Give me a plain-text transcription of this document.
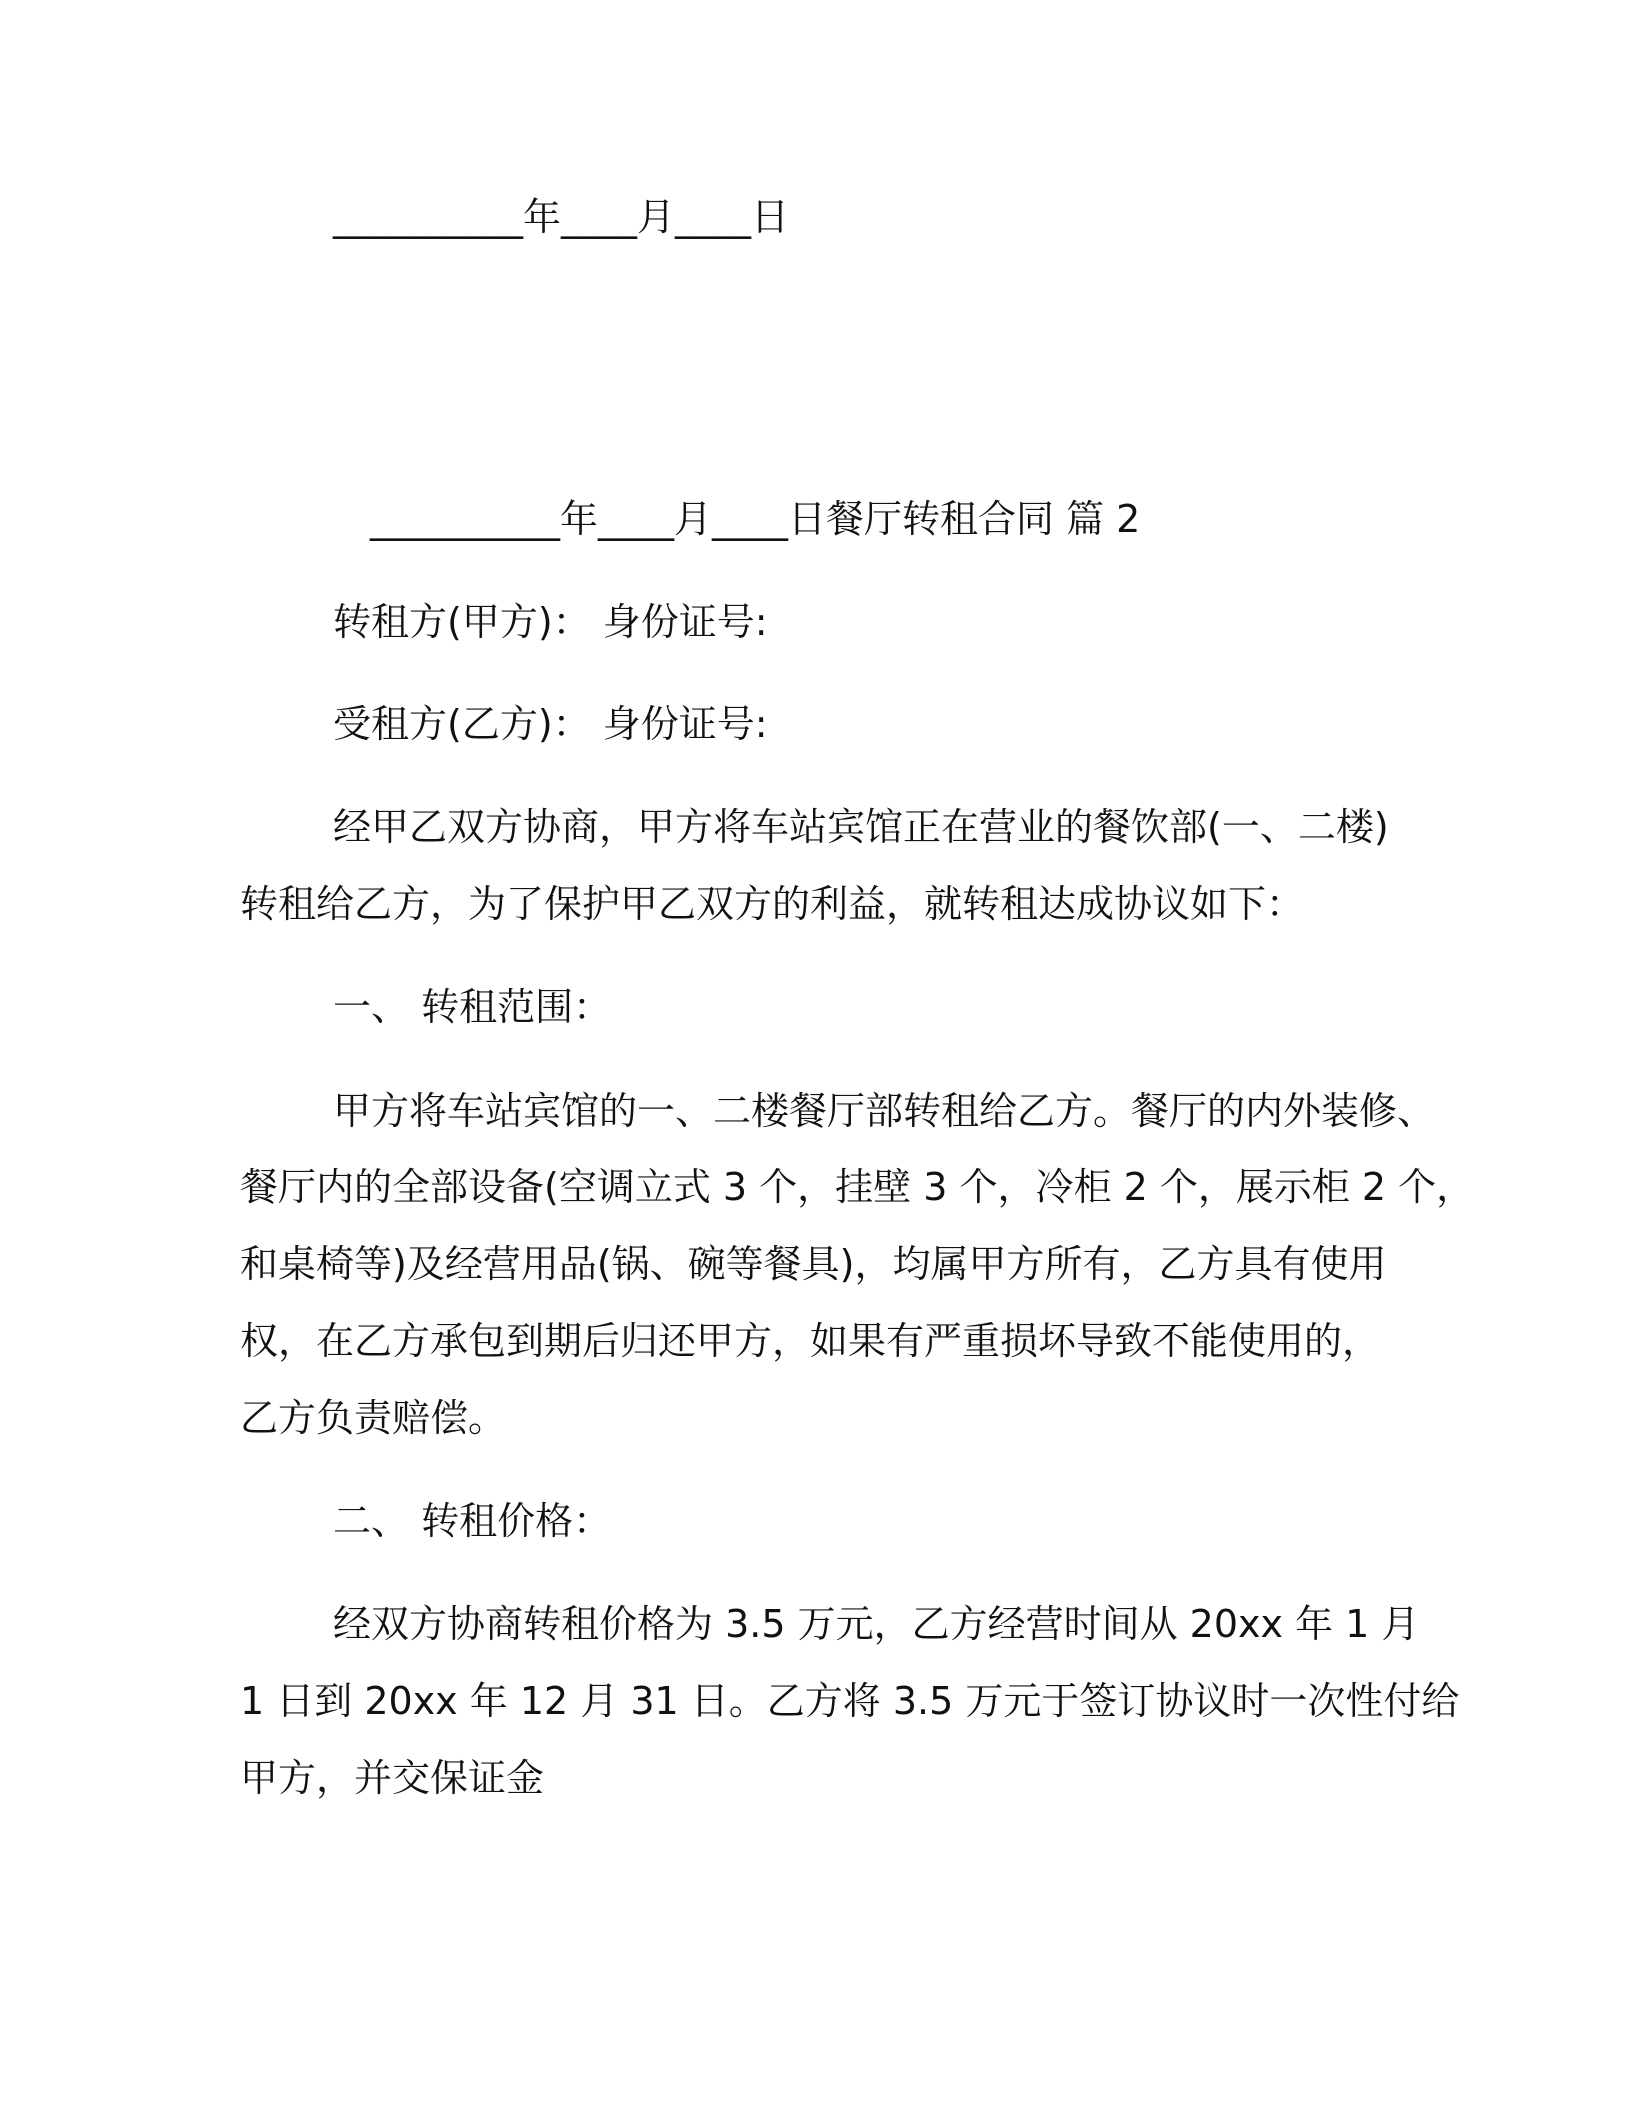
__________年____月____日

__________年____月____日餐厅转租合同 篇 2

转租方(甲方)： 身份证号:

受租方(乙方)： 身份证号:

经甲乙双方协商，甲方将车站宾馆正在营业的餐饮部(一、二楼)

转租给乙方，为了保护甲乙双方的利益，就转租达成协议如下：

一、 转租范围：

甲方将车站宾馆的一、二楼餐厅部转租给乙方。餐厅的内外装修、

餐厅内的全部设备(空调立式 3 个，挂壁 3 个，冷柜 2 个，展示柜 2 个，

和桌椅等)及经营用品(锅、碗等餐具)，均属甲方所有，乙方具有使用

权，在乙方承包到期后归还甲方，如果有严重损坏导致不能使用的，

乙方负责赔偿。

二、 转租价格：

经双方协商转租价格为 3.5 万元，乙方经营时间从 20xx 年 1 月

1 日到 20xx 年 12 月 31 日。乙方将 3.5 万元于签订协议时一次性付给

甲方，并交保证金
